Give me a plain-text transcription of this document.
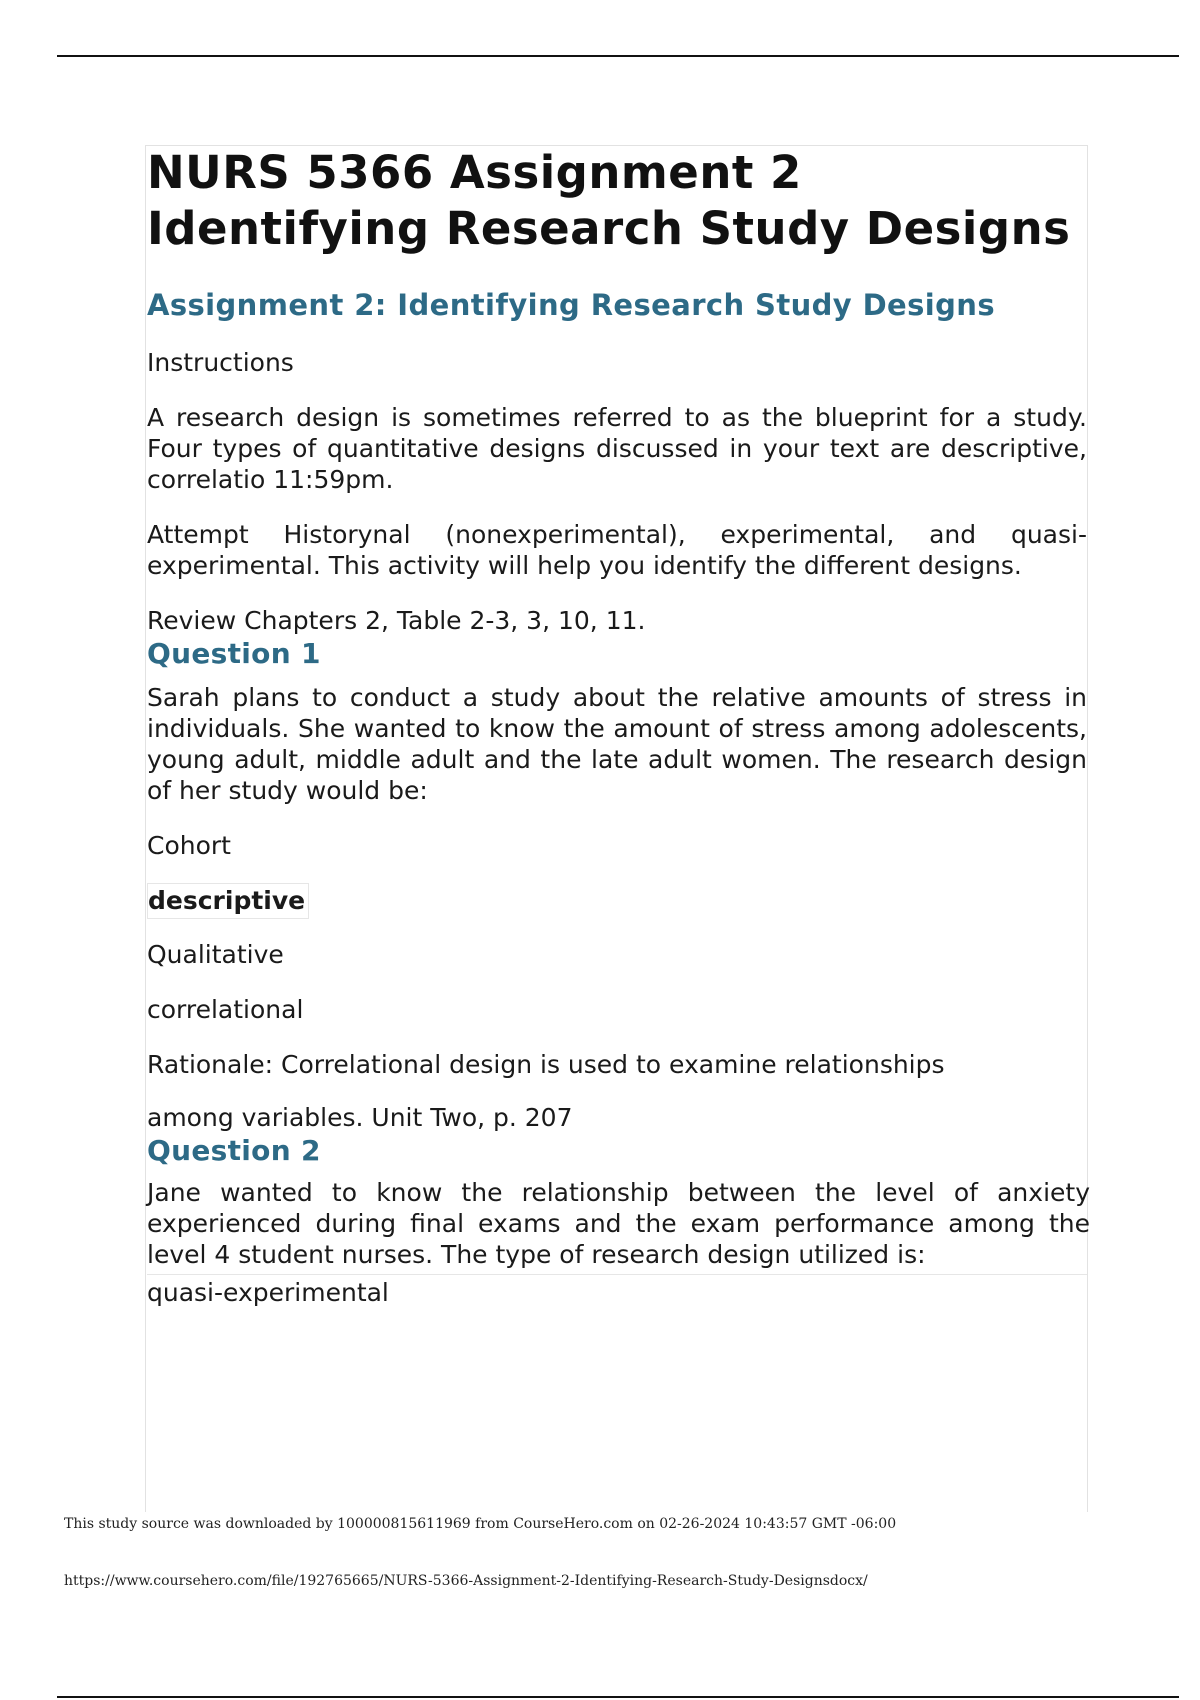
NURS 5366 Assignment 2 Identifying Research Study Designs
Assignment 2: Identifying Research Study Designs

Instructions

A research design is sometimes referred to as the blueprint for a study. Four types of quantitative designs discussed in your text are descriptive, correlatio 11:59pm.

Attempt Historynal (nonexperimental), experimental, and quasi-experimental. This activity will help you identify the different designs.

Review Chapters 2, Table 2-3, 3, 10, 11.

Question 1

Sarah plans to conduct a study about the relative amounts of stress in individuals. She wanted to know the amount of stress among adolescents, young adult, middle adult and the late adult women. The research design of her study would be:

Cohort

descriptive

Qualitative

correlational

Rationale: Correlational design is used to examine relationships

among variables. Unit Two, p. 207

Question 2

Jane wanted to know the relationship between the level of anxiety experienced during final exams and the exam performance among the level 4 student nurses. The type of research design utilized is:

quasi-experimental

This study source was downloaded by 100000815611969 from CourseHero.com on 02-26-2024 10:43:57 GMT -06:00
https://www.coursehero.com/file/192765665/NURS-5366-Assignment-2-Identifying-Research-Study-Designsdocx/
